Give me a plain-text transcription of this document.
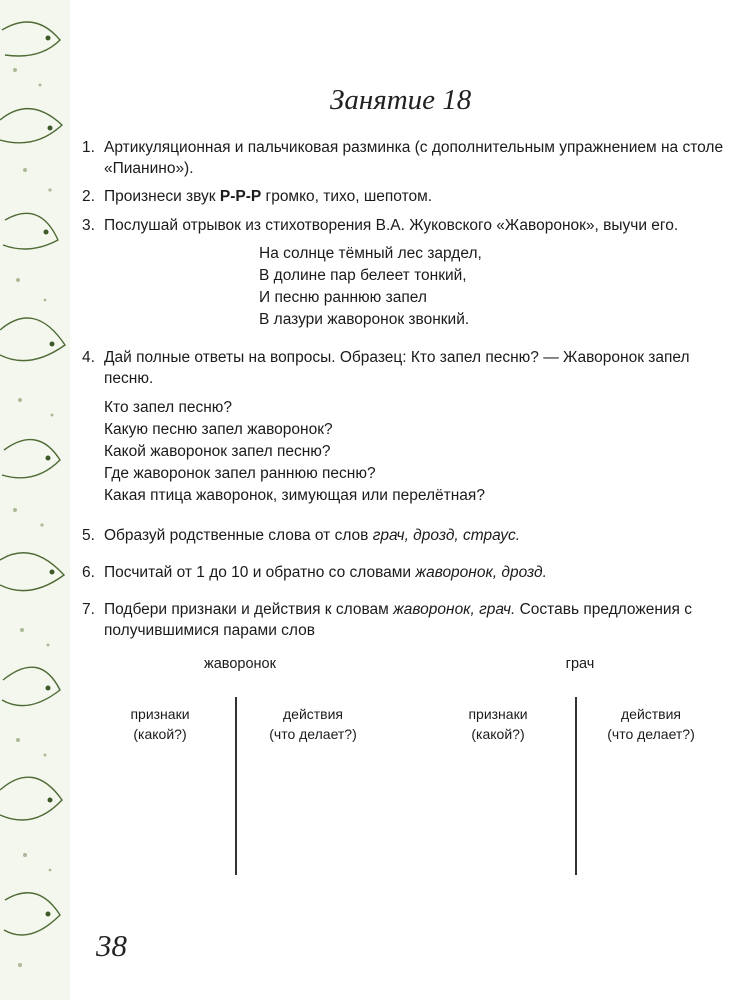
Занятие 18
1. Артикуляционная и пальчиковая разминка (с дополнительным упражнением на столе «Пианино»).
2. Произнеси звук Р-Р-Р громко, тихо, шепотом.
3. Послушай отрывок из стихотворения В.А. Жуковского «Жаворонок», выучи его.
На солнце тёмный лес зардел,
В долине пар белеет тонкий,
И песню раннюю запел
В лазури жаворонок звонкий.
4. Дай полные ответы на вопросы. Образец: Кто запел песню? — Жаворонок запел песню.
Кто запел песню?
Какую песню запел жаворонок?
Какой жаворонок запел песню?
Где жаворонок запел раннюю песню?
Какая птица жаворонок, зимующая или перелётная?
5. Образуй родственные слова от слов грач, дрозд, страус.
6. Посчитай от 1 до 10 и обратно со словами жаворонок, дрозд.
7. Подбери признаки и действия к словам жаворонок, грач. Составь предложения с получившимися парами слов
жаворонок	грач
признаки
(какой?)
действия
(что делает?)
признаки
(какой?)
действия
(что делает?)
38
